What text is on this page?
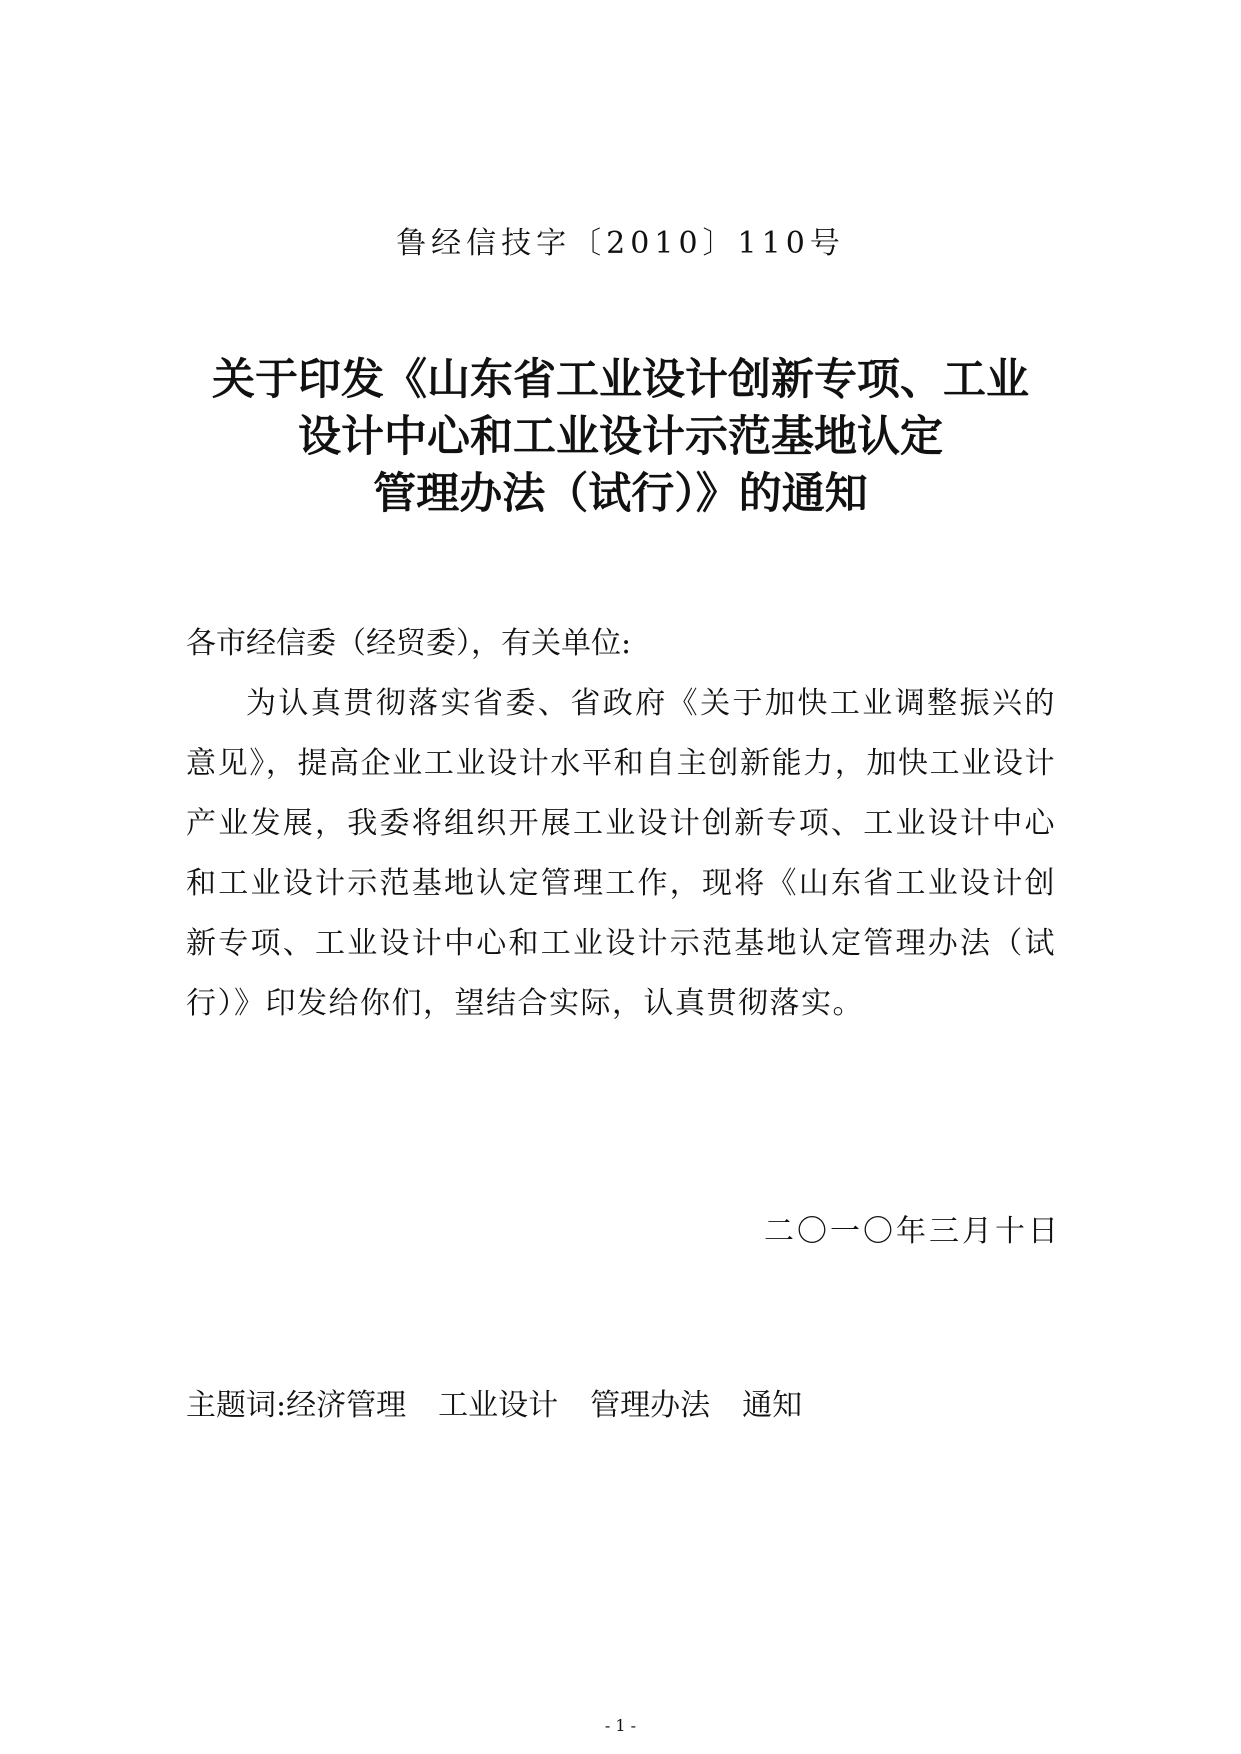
鲁经信技字〔2010〕110号
关于印发《山东省工业设计创新专项、工业
设计中心和工业设计示范基地认定
管理办法（试行）》的通知
各市经信委（经贸委），有关单位:
为认真贯彻落实省委、省政府《关于加快工业调整振兴的意见》，提高企业工业设计水平和自主创新能力，加快工业设计产业发展，我委将组织开展工业设计创新专项、工业设计中心和工业设计示范基地认定管理工作，现将《山东省工业设计创新专项、工业设计中心和工业设计示范基地认定管理办法（试行）》印发给你们，望结合实际，认真贯彻落实。
二〇一〇年三月十日
主题词:经济管理 工业设计 管理办法 通知
- 1 -
